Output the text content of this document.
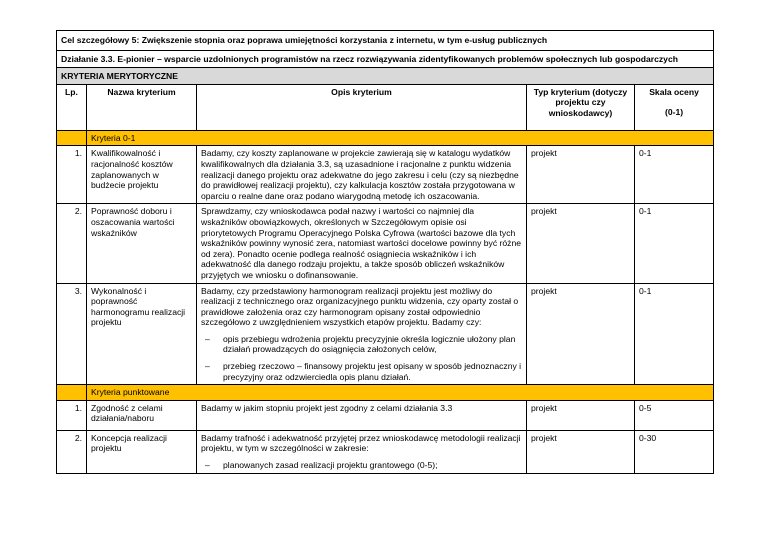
Cel szczegółowy 5: Zwiększenie stopnia oraz poprawa umiejętności korzystania z internetu, w tym e-usług publicznych				
Działanie 3.3. E-pionier – wsparcie uzdolnionych programistów na rzecz rozwiązywania zidentyfikowanych problemów społecznych lub gospodarczych				
KRYTERIA MERYTORYCZNE				
Lp.	Nazwa kryterium	Opis kryterium	Typ kryterium (dotyczy projektu czy wnioskodawcy)	Skala oceny
(0-1)

	Kryteria 0-1			
1.	Kwalifikowalność i racjonalność kosztów zaplanowanych w budżecie projektu	Badamy, czy koszty zaplanowane w projekcie zawierają się w katalogu wydatków kwalifikowalnych dla działania 3.3, są uzasadnione i racjonalne z punktu widzenia realizacji danego projektu oraz adekwatne do jego zakresu i celu (czy są niezbędne do prawidłowej realizacji projektu), czy kalkulacja kosztów została przygotowana w oparciu o realne dane oraz podano wiarygodną metodę ich oszacowania.	projekt	0-1
2.	Poprawność doboru i oszacowania wartości wskaźników	Sprawdzamy, czy wnioskodawca podał nazwy i wartości co najmniej dla wskaźników obowiązkowych, określonych w Szczegółowym opisie osi priorytetowych Programu Operacyjnego Polska Cyfrowa (wartości bazowe dla tych wskaźników powinny wynosić zera, natomiast wartości docelowe powinny być różne od zera). Ponadto ocenie podlega realność osiągniecia wskaźników i ich adekwatność dla danego rodzaju projektu, a także sposób obliczeń wskaźników przyjętych we wniosku o dofinansowanie.	projekt	0-1
3.	Wykonalność i poprawność harmonogramu realizacji projektu	Badamy, czy przedstawiony harmonogram realizacji projektu jest możliwy do realizacji z technicznego oraz organizacyjnego punktu widzenia, czy oparty został o prawidłowe założenia oraz czy harmonogram opisany został odpowiednio szczegółowo z uwzględnieniem wszystkich etapów projektu. Badamy czy:
– opis przebiegu wdrożenia projektu precyzyjnie określa logicznie ułożony plan działań prowadzących do osiągnięcia założonych celów,
– przebieg rzeczowo – finansowy projektu jest opisany w sposób jednoznaczny i precyzyjny oraz odzwierciedla opis planu działań.	projekt	0-1
	Kryteria punktowane			
1.	Zgodność z celami działania/naboru	Badamy w jakim stopniu projekt jest zgodny z celami działania 3.3	projekt	0-5
2.	Koncepcja realizacji projektu	Badamy trafność i adekwatność przyjętej przez wnioskodawcę metodologii realizacji projektu, w tym w szczególności w zakresie:
– planowanych zasad realizacji projektu grantowego (0-5);	projekt	0-30
